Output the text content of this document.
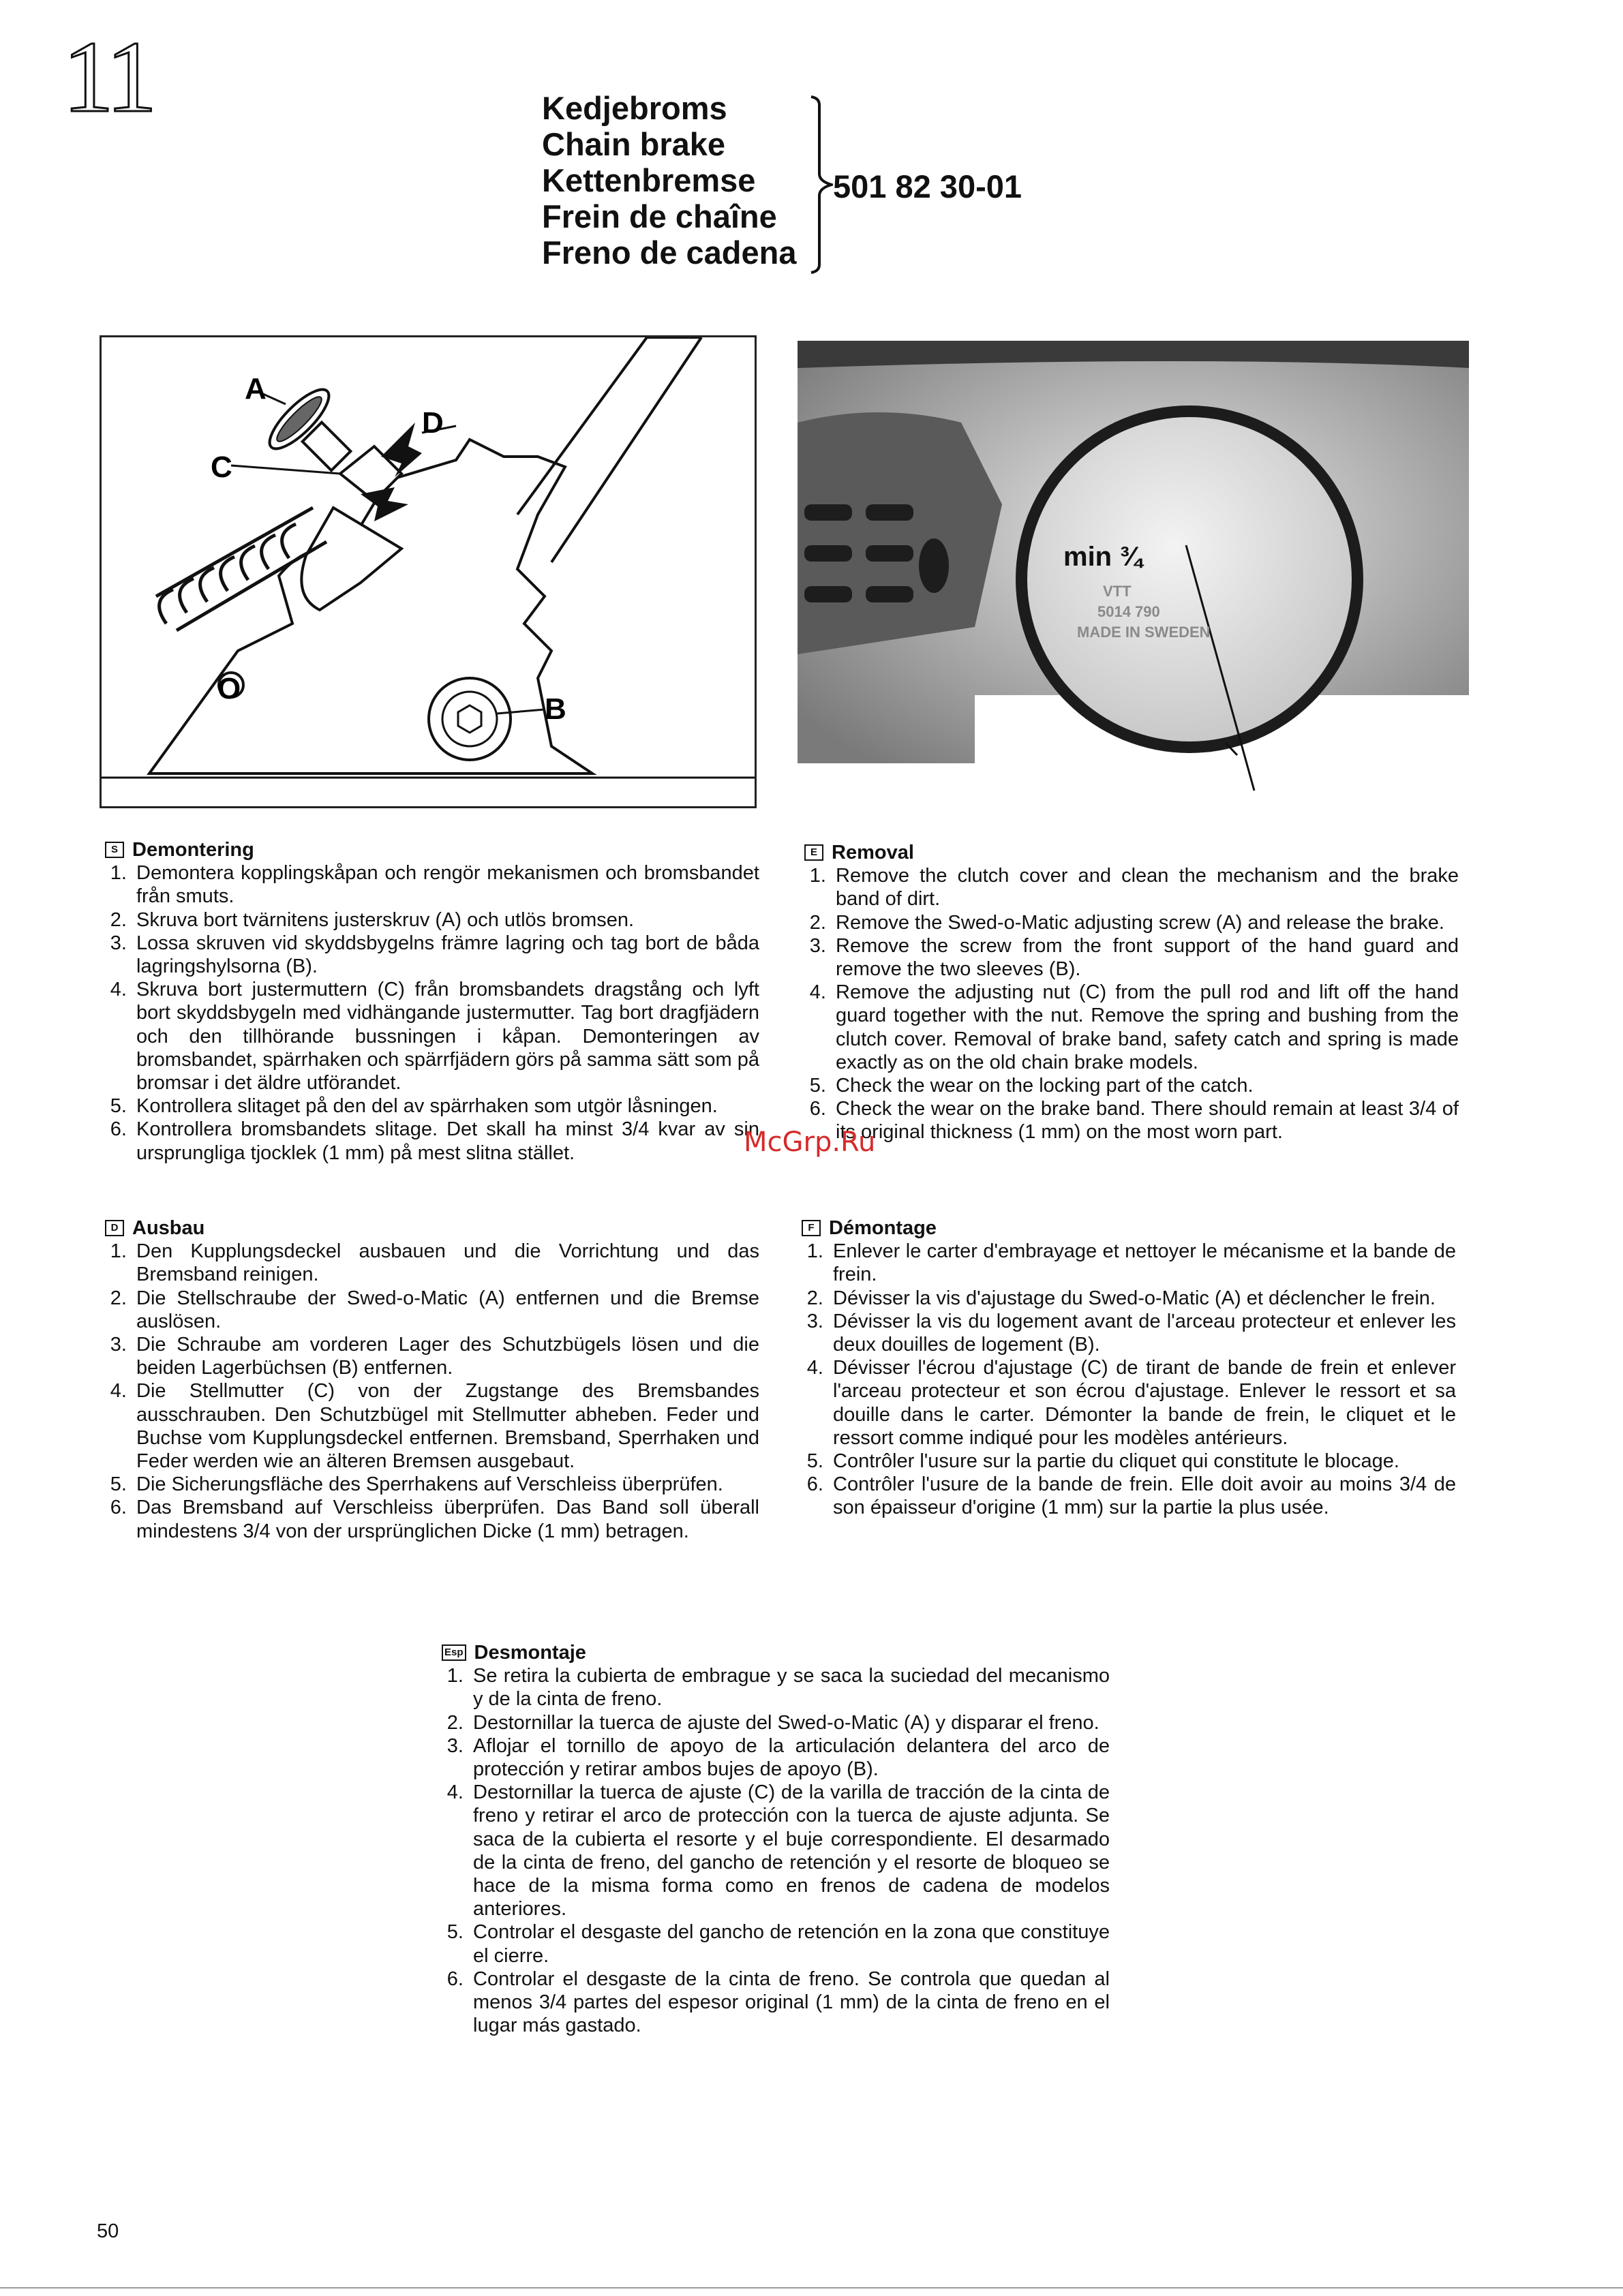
11	Kedjebroms
Chain brake
Kettenbremse
Frein de chaîne
Freno de cadena
501 82 30-01
A
C
D
B
O
min ¾
VTT
5014 790
MADE IN SWEDEN
S Demontering
1. Demontera kopplingskåpan och rengör mekanismen och bromsbandet från smuts.
2. Skruva bort tvärnitens justerskruv (A) och utlös bromsen.
3. Lossa skruven vid skyddsbygelns främre lagring och tag bort de båda lagringshylsorna (B).
4. Skruva bort justermuttern (C) från bromsbandets dragstång och lyft bort skyddsbygeln med vidhängande justermutter. Tag bort dragfjädern och den tillhörande bussningen i kåpan. Demonteringen av bromsbandet, spärrhaken och spärrfjädern görs på samma sätt som på bromsar i det äldre utförandet.
5. Kontrollera slitaget på den del av spärrhaken som utgör låsningen.
6. Kontrollera bromsbandets slitage. Det skall ha minst 3/4 kvar av sin ursprungliga tjocklek (1 mm) på mest slitna stället.
E Removal
1. Remove the clutch cover and clean the mechanism and the brake band of dirt.
2. Remove the Swed-o-Matic adjusting screw (A) and release the brake.
3. Remove the screw from the front support of the hand guard and remove the two sleeves (B).
4. Remove the adjusting nut (C) from the pull rod and lift off the hand guard together with the nut. Remove the spring and bushing from the clutch cover. Removal of brake band, safety catch and spring is made exactly as on the old chain brake models.
5. Check the wear on the locking part of the catch.
6. Check the wear on the brake band. There should remain at least 3/4 of its original thickness (1 mm) on the most worn part.
D Ausbau
1. Den Kupplungsdeckel ausbauen und die Vorrichtung und das Bremsband reinigen.
2. Die Stellschraube der Swed-o-Matic (A) entfernen und die Bremse auslösen.
3. Die Schraube am vorderen Lager des Schutzbügels lösen und die beiden Lagerbüchsen (B) entfernen.
4. Die Stellmutter (C) von der Zugstange des Bremsbandes ausschrauben. Den Schutzbügel mit Stellmutter abheben. Feder und Buchse vom Kupplungsdeckel entfernen. Bremsband, Sperrhaken und Feder werden wie an älteren Bremsen ausgebaut.
5. Die Sicherungsfläche des Sperrhakens auf Verschleiss überprüfen.
6. Das Bremsband auf Verschleiss überprüfen. Das Band soll überall mindestens 3/4 von der ursprünglichen Dicke (1 mm) betragen.
F Démontage
1. Enlever le carter d'embrayage et nettoyer le mécanisme et la bande de frein.
2. Dévisser la vis d'ajustage du Swed-o-Matic (A) et déclencher le frein.
3. Dévisser la vis du logement avant de l'arceau protecteur et enlever les deux douilles de logement (B).
4. Dévisser l'écrou d'ajustage (C) de tirant de bande de frein et enlever l'arceau protecteur et son écrou d'ajustage. Enlever le ressort et sa douille dans le carter. Démonter la bande de frein, le cliquet et le ressort comme indiqué pour les modèles antérieurs.
5. Contrôler l'usure sur la partie du cliquet qui constitute le blocage.
6. Contrôler l'usure de la bande de frein. Elle doit avoir au moins 3/4 de son épaisseur d'origine (1 mm) sur la partie la plus usée.
Esp Desmontaje
1. Se retira la cubierta de embrague y se saca la suciedad del mecanismo y de la cinta de freno.
2. Destornillar la tuerca de ajuste del Swed-o-Matic (A) y disparar el freno.
3. Aflojar el tornillo de apoyo de la articulación delantera del arco de protección y retirar ambos bujes de apoyo (B).
4. Destornillar la tuerca de ajuste (C) de la varilla de tracción de la cinta de freno y retirar el arco de protección con la tuerca de ajuste adjunta. Se saca de la cubierta el resorte y el buje correspondiente. El desarmado de la cinta de freno, del gancho de retención y el resorte de bloqueo se hace de la misma forma como en frenos de cadena de modelos anteriores.
5. Controlar el desgaste del gancho de retención en la zona que constituye el cierre.
6. Controlar el desgaste de la cinta de freno. Se controla que quedan al menos 3/4 partes del espesor original (1 mm) de la cinta de freno en el lugar más gastado.
McGrp.Ru
50
